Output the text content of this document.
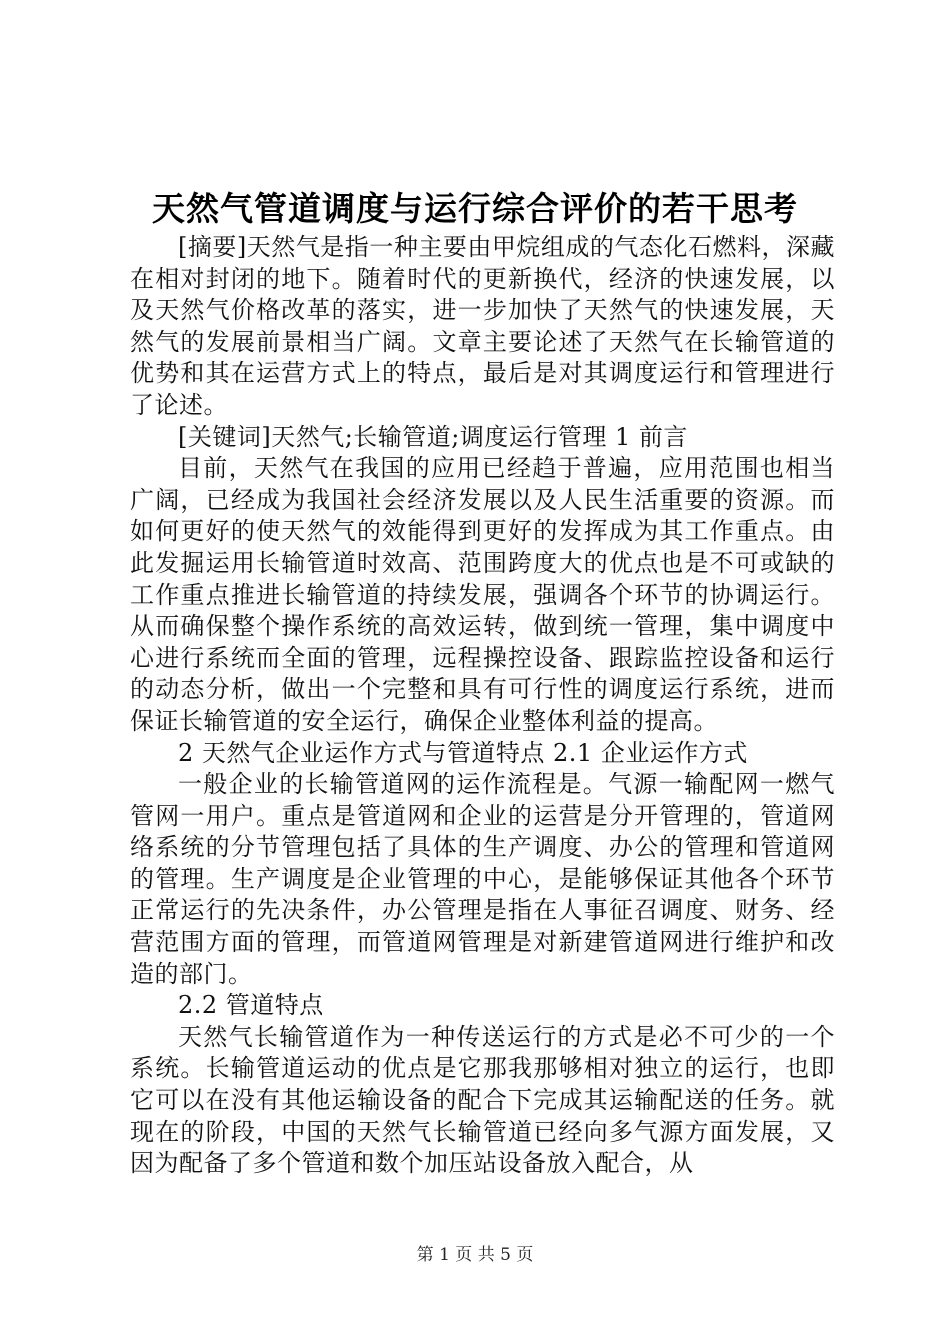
天然气管道调度与运行综合评价的若干思考

[摘要]天然气是指一种主要由甲烷组成的气态化石燃料，深藏在相对封闭的地下。随着时代的更新换代，经济的快速发展，以及天然气价格改革的落实，进一步加快了天然气的快速发展，天然气的发展前景相当广阔。文章主要论述了天然气在长输管道的优势和其在运营方式上的特点，最后是对其调度运行和管理进行了论述。

[关键词]天然气;长输管道;调度运行管理 1 前言

目前，天然气在我国的应用已经趋于普遍，应用范围也相当广阔，已经成为我国社会经济发展以及人民生活重要的资源。而如何更好的使天然气的效能得到更好的发挥成为其工作重点。由此发掘运用长输管道时效高、范围跨度大的优点也是不可或缺的工作重点推进长输管道的持续发展，强调各个环节的协调运行。从而确保整个操作系统的高效运转，做到统一管理，集中调度中心进行系统而全面的管理，远程操控设备、跟踪监控设备和运行的动态分析，做出一个完整和具有可行性的调度运行系统，进而保证长输管道的安全运行，确保企业整体利益的提高。

2 天然气企业运作方式与管道特点 2.1 企业运作方式

一般企业的长输管道网的运作流程是。气源一输配网一燃气管网一用户。重点是管道网和企业的运营是分开管理的，管道网络系统的分节管理包括了具体的生产调度、办公的管理和管道网的管理。生产调度是企业管理的中心，是能够保证其他各个环节正常运行的先决条件，办公管理是指在人事征召调度、财务、经营范围方面的管理，而管道网管理是对新建管道网进行维护和改造的部门。

2.2 管道特点

天然气长输管道作为一种传送运行的方式是必不可少的一个系统。长输管道运动的优点是它那我那够相对独立的运行，也即它可以在没有其他运输设备的配合下完成其运输配送的任务。就现在的阶段，中国的天然气长输管道已经向多气源方面发展，又因为配备了多个管道和数个加压站设备放入配合，从

第 1 页 共 5 页
